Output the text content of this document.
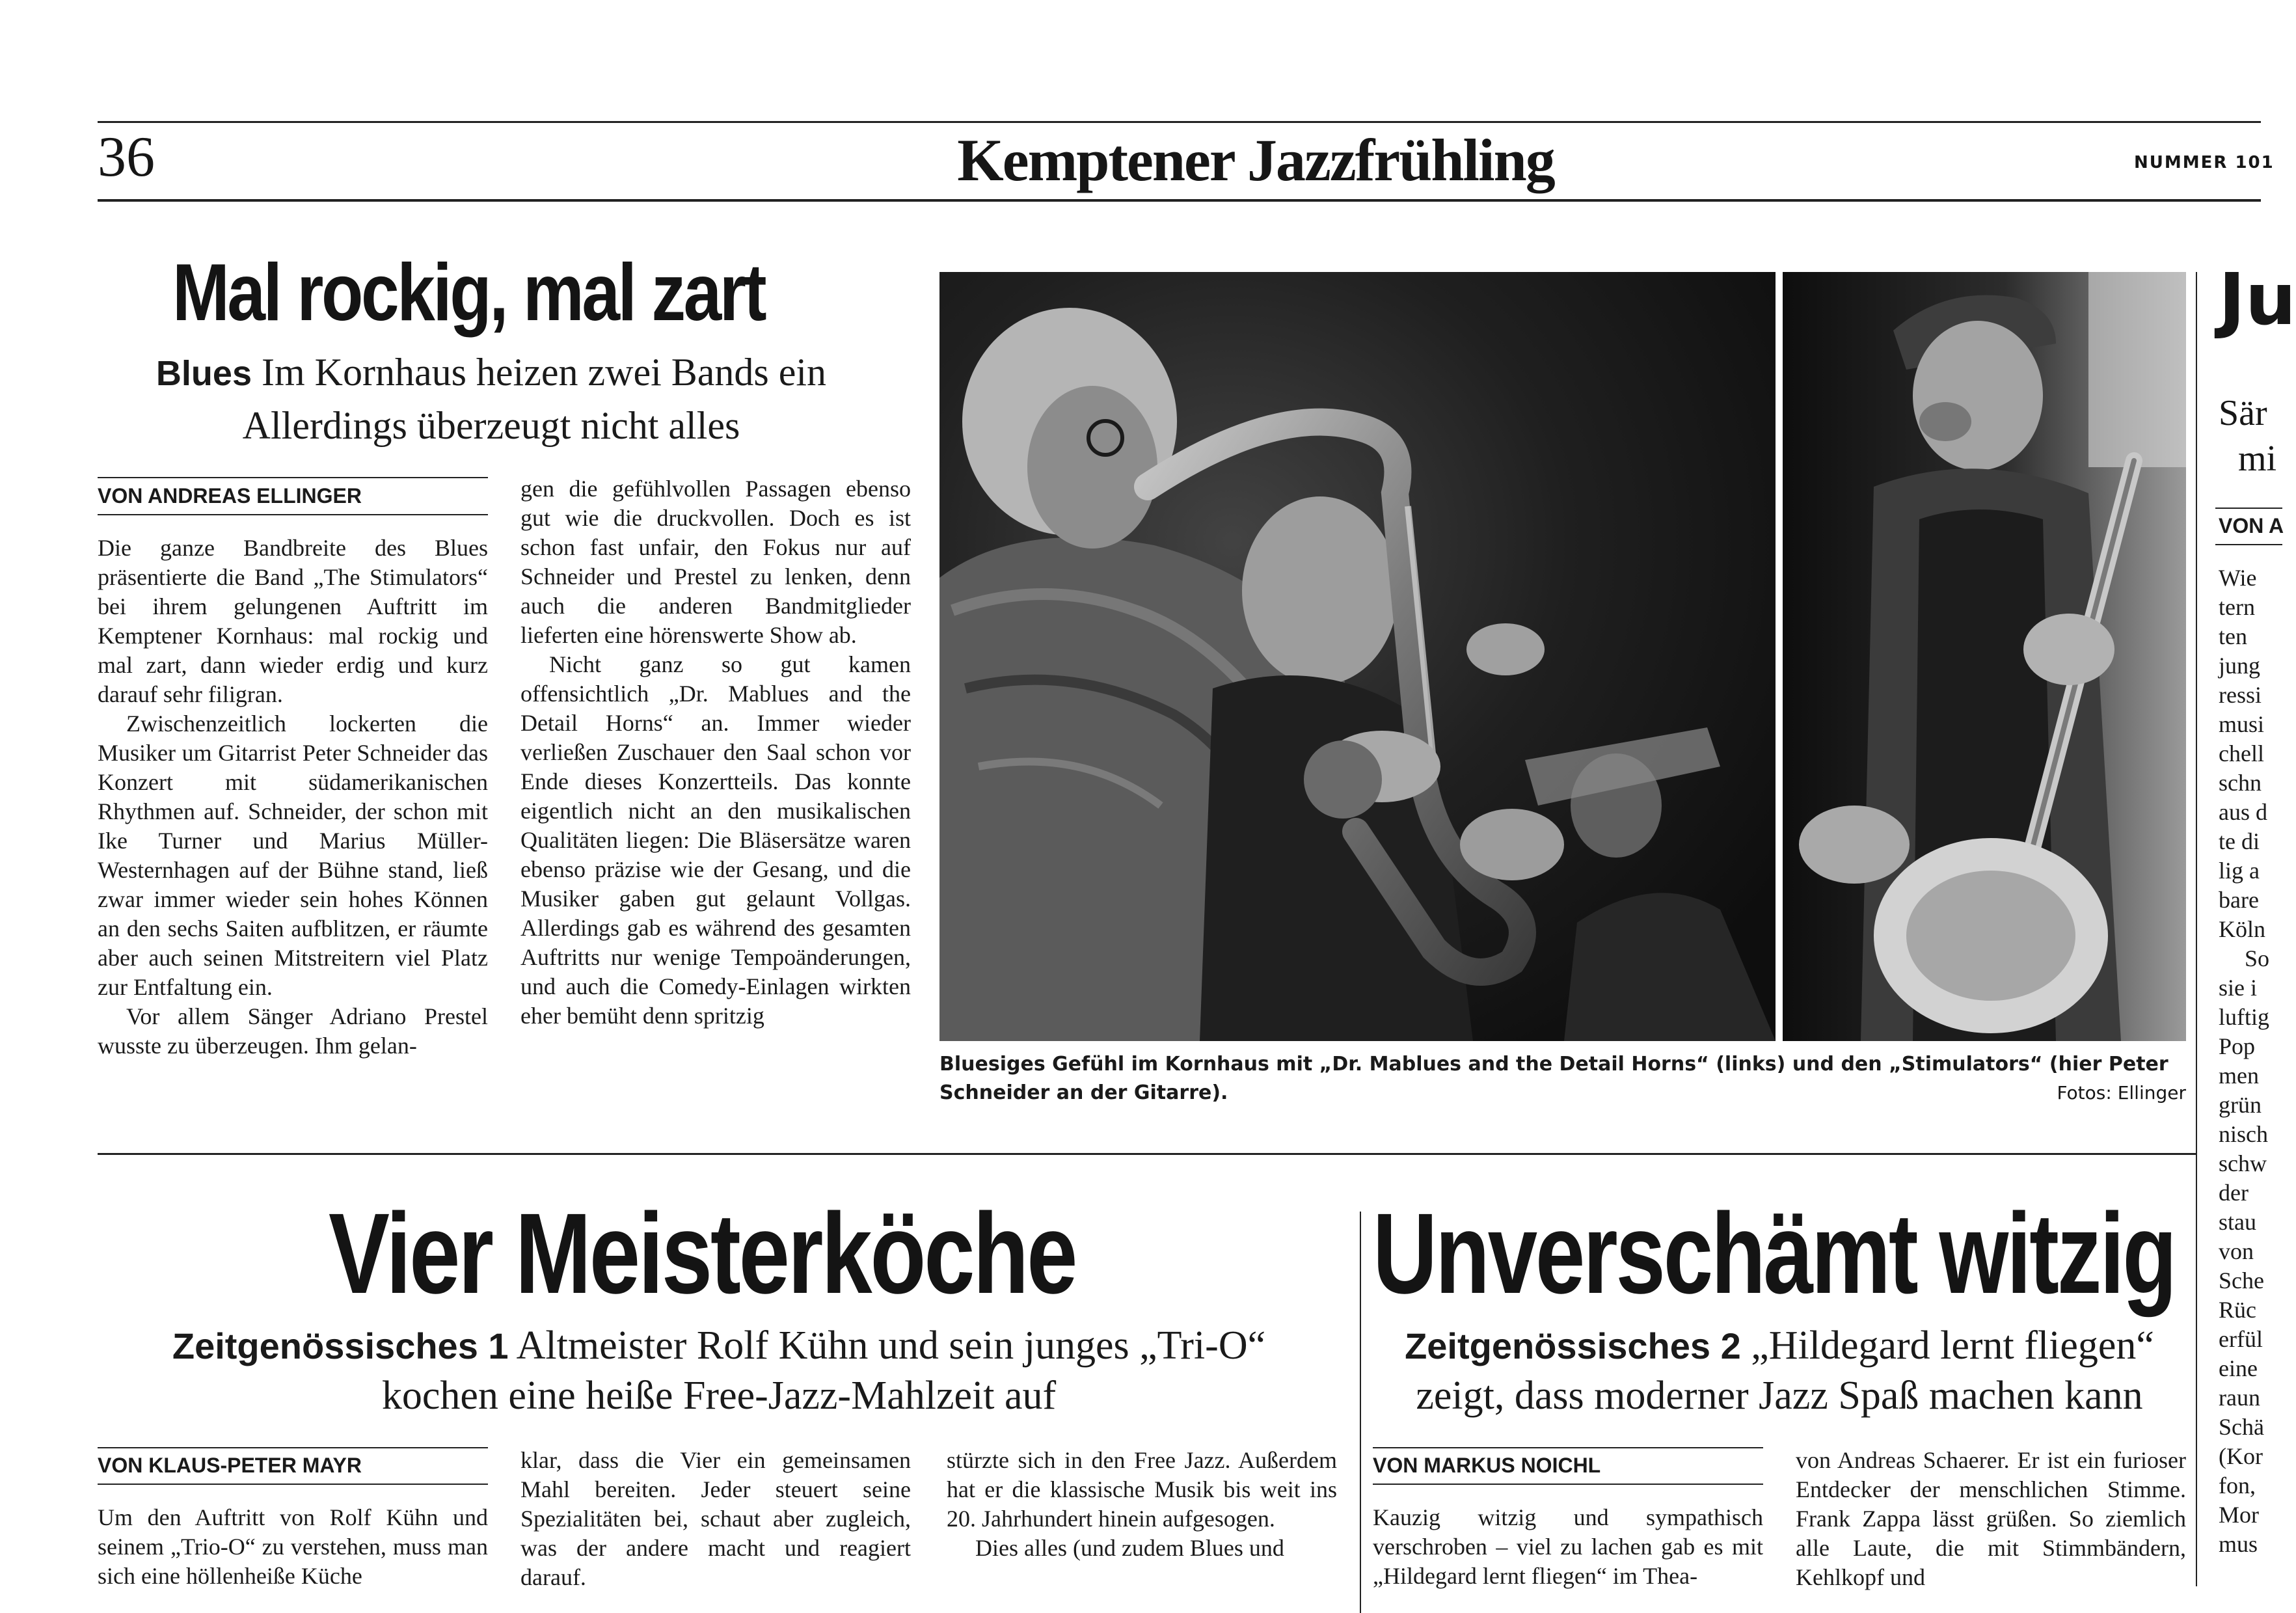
36	Kemptener Jazzfrühling	NUMMER 101
Mal rockig, mal zart
Blues Im Kornhaus heizen zwei Bands ein
Allerdings überzeugt nicht alles
VON ANDREAS ELLINGER

Die ganze Bandbreite des Blues präsentierte die Band „The Stimulators“ bei ihrem gelungenen Auftritt im Kemptener Kornhaus: mal rockig und mal zart, dann wieder erdig und kurz darauf sehr filigran.

Zwischenzeitlich lockerten die Musiker um Gitarrist Peter Schneider das Konzert mit südamerikanischen Rhythmen auf. Schneider, der schon mit Ike Turner und Marius Müller-Westernhagen auf der Bühne stand, ließ zwar immer wieder sein hohes Können an den sechs Saiten aufblitzen, er räumte aber auch seinen Mitstreitern viel Platz zur Entfaltung ein.

Vor allem Sänger Adriano Prestel wusste zu überzeugen. Ihm gelan-

gen die gefühlvollen Passagen ebenso gut wie die druckvollen. Doch es ist schon fast unfair, den Fokus nur auf Schneider und Prestel zu lenken, denn auch die anderen Bandmitglieder lieferten eine hörenswerte Show ab.

Nicht ganz so gut kamen offensichtlich „Dr. Mablues and the Detail Horns“ an. Immer wieder verließen Zuschauer den Saal schon vor Ende dieses Konzertteils. Das konnte eigentlich nicht an den musikalischen Qualitäten liegen: Die Bläsersätze waren ebenso präzise wie der Gesang, und die Musiker gaben gut gelaunt Vollgas. Allerdings gab es während des gesamten Auftritts nur wenige Tempoänderungen, und auch die Comedy-Einlagen wirkten eher bemüht denn spritzig

Bluesiges Gefühl im Kornhaus mit „Dr. Mablues and the Detail Horns“ (links) und den „Stimulators“ (hier Peter Schneider an der Gitarre).	Fotos: Ellinger
Ju
Sär
mi
VON A
Wie
tern
ten
jung
ressi
musi
chell
schn
aus d
te di
lig a
bare
Köln
So
sie i
luftig
Pop
men
grün
nisch
schw
der
stau
von
Sche
Rüc
erfül
eine
raun
Schä
(Kor
fon,
Mor
mus
Vier Meisterköche
Zeitgenössisches 1 Altmeister Rolf Kühn und sein junges „Tri-O“
kochen eine heiße Free-Jazz-Mahlzeit auf
VON KLAUS-PETER MAYR

Um den Auftritt von Rolf Kühn und seinem „Trio-O“ zu verstehen, muss man sich eine höllenheiße Küche

klar, dass die Vier ein gemeinsamen Mahl bereiten. Jeder steuert seine Spezialitäten bei, schaut aber zugleich, was der andere macht und reagiert darauf.

stürzte sich in den Free Jazz. Außerdem hat er die klassische Musik bis weit ins 20. Jahrhundert hinein aufgesogen.

Dies alles (und zudem Blues und

Unverschämt witzig
Zeitgenössisches 2 „Hildegard lernt fliegen“
zeigt, dass moderner Jazz Spaß machen kann
VON MARKUS NOICHL

Kauzig witzig und sympathisch verschroben – viel zu lachen gab es mit „Hildegard lernt fliegen“ im Thea-

von Andreas Schaerer. Er ist ein furioser Entdecker der menschlichen Stimme. Frank Zappa lässt grüßen. So ziemlich alle Laute, die mit Stimmbändern, Kehlkopf und
